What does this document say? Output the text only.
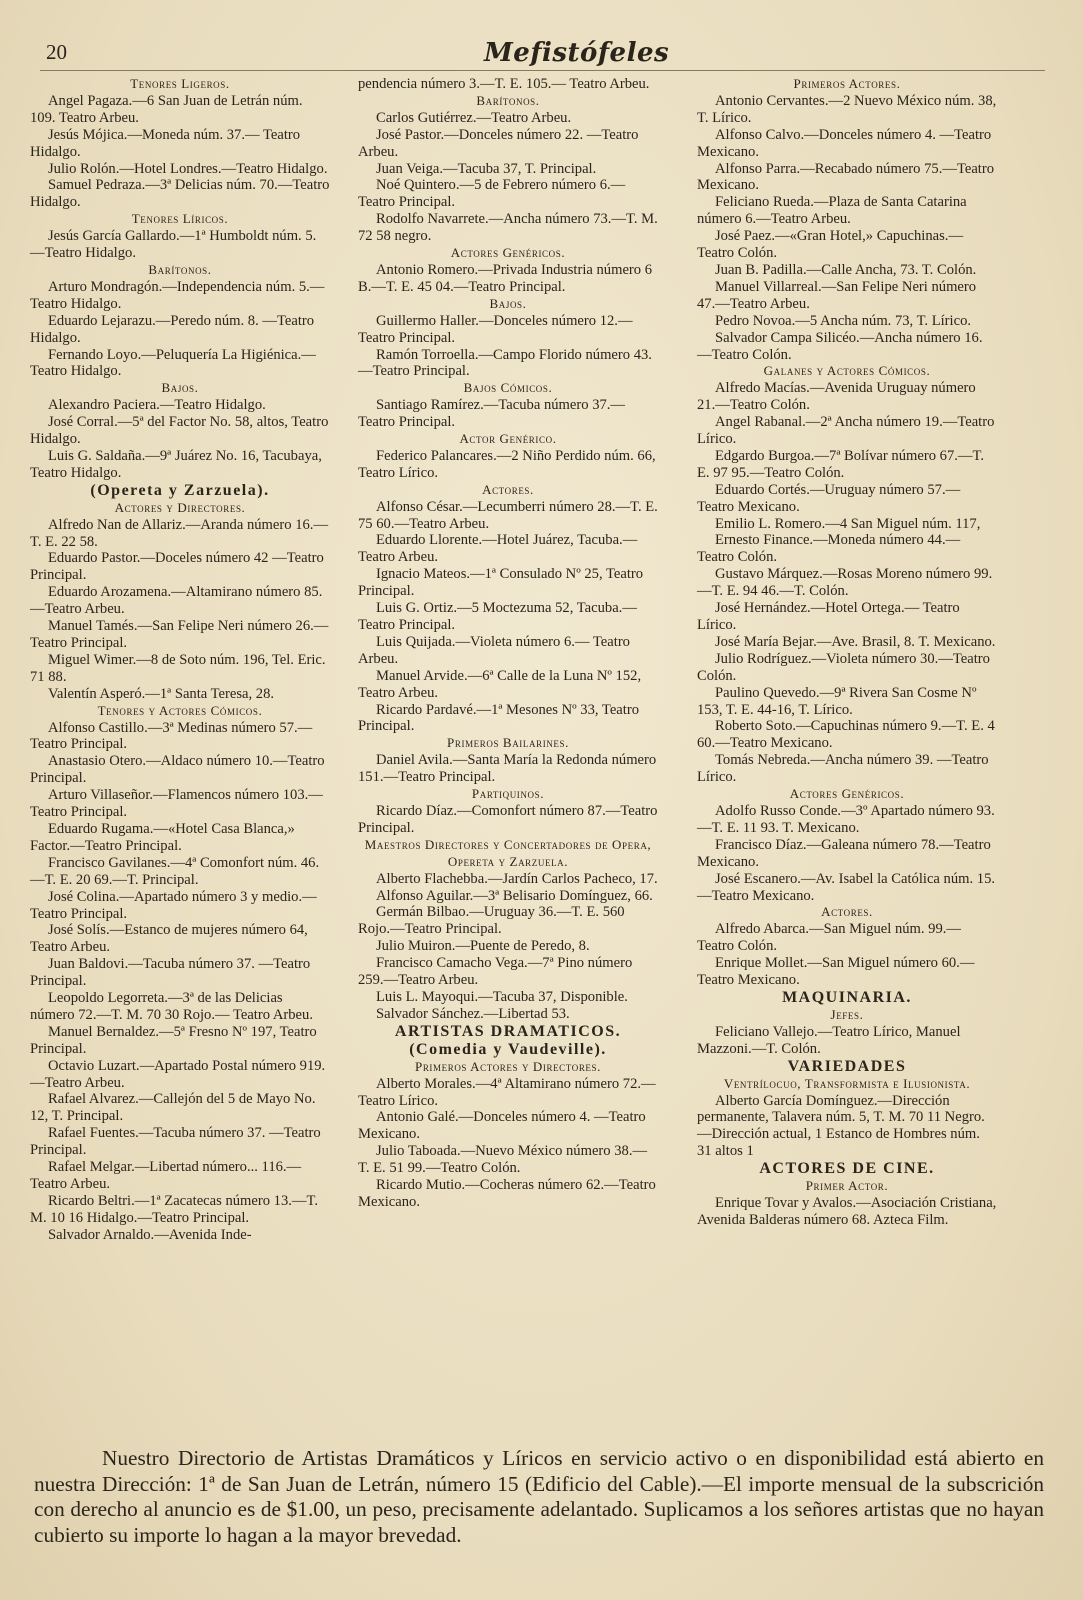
20	Mefistófeles
Tenores Ligeros.
Angel Pagaza.—6 San Juan de Letrán núm. 109. Teatro Arbeu.
Jesús Mójica.—Moneda núm. 37.— Teatro Hidalgo.
Julio Rolón.—Hotel Londres.—Teatro Hidalgo.
Samuel Pedraza.—3ª Delicias núm. 70.—Teatro Hidalgo.
Tenores Líricos.
Jesús García Gallardo.—1ª Humboldt núm. 5.—Teatro Hidalgo.
Barítonos.
Arturo Mondragón.—Independencia núm. 5.—Teatro Hidalgo.
Eduardo Lejarazu.—Peredo núm. 8. —Teatro Hidalgo.
Fernando Loyo.—Peluquería La Higiénica.—Teatro Hidalgo.
Bajos.
Alexandro Paciera.—Teatro Hidalgo.
José Corral.—5ª del Factor No. 58, altos, Teatro Hidalgo.
Luis G. Saldaña.—9ª Juárez No. 16, Tacubaya, Teatro Hidalgo.
(Opereta y Zarzuela).
Actores y Directores.
Alfredo Nan de Allariz.—Aranda número 16.—T. E. 22 58.
Eduardo Pastor.—Doceles número 42 —Teatro Principal.
Eduardo Arozamena.—Altamirano número 85.—Teatro Arbeu.
Manuel Tamés.—San Felipe Neri número 26.—Teatro Principal.
Miguel Wimer.—8 de Soto núm. 196, Tel. Eric. 71 88.
Valentín Asperó.—1ª Santa Teresa, 28.
Tenores y Actores Cómicos.
Alfonso Castillo.—3ª Medinas número 57.—Teatro Principal.
Anastasio Otero.—Aldaco número 10.—Teatro Principal.
Arturo Villaseñor.—Flamencos número 103.—Teatro Principal.
Eduardo Rugama.—«Hotel Casa Blanca,» Factor.—Teatro Principal.
Francisco Gavilanes.—4ª Comonfort núm. 46.—T. E. 20 69.—T. Principal.
José Colina.—Apartado número 3 y medio.—Teatro Principal.
José Solís.—Estanco de mujeres número 64, Teatro Arbeu.
Juan Baldovi.—Tacuba número 37. —Teatro Principal.
Leopoldo Legorreta.—3ª de las Delicias número 72.—T. M. 70 30 Rojo.— Teatro Arbeu.
Manuel Bernaldez.—5ª Fresno Nº 197, Teatro Principal.
Octavio Luzart.—Apartado Postal número 919.—Teatro Arbeu.
Rafael Alvarez.—Callejón del 5 de Mayo No. 12, T. Principal.
Rafael Fuentes.—Tacuba número 37. —Teatro Principal.
Rafael Melgar.—Libertad número... 116.—Teatro Arbeu.
Ricardo Beltri.—1ª Zacatecas número 13.—T. M. 10 16 Hidalgo.—Teatro Principal.
Salvador Arnaldo.—Avenida Inde-
pendencia número 3.—T. E. 105.— Teatro Arbeu.
Barítonos.
Carlos Gutiérrez.—Teatro Arbeu.
José Pastor.—Donceles número 22. —Teatro Arbeu.
Juan Veiga.—Tacuba 37, T. Principal.
Noé Quintero.—5 de Febrero número 6.—Teatro Principal.
Rodolfo Navarrete.—Ancha número 73.—T. M. 72 58 negro.
Actores Genéricos.
Antonio Romero.—Privada Industria número 6 B.—T. E. 45 04.—Teatro Principal.
Bajos.
Guillermo Haller.—Donceles número 12.—Teatro Principal.
Ramón Torroella.—Campo Florido número 43.—Teatro Principal.
Bajos Cómicos.
Santiago Ramírez.—Tacuba número 37.—Teatro Principal.
Actor Genérico.
Federico Palancares.—2 Niño Perdido núm. 66, Teatro Lírico.
Actores.
Alfonso César.—Lecumberri número 28.—T. E. 75 60.—Teatro Arbeu.
Eduardo Llorente.—Hotel Juárez, Tacuba.—Teatro Arbeu.
Ignacio Mateos.—1ª Consulado Nº 25, Teatro Principal.
Luis G. Ortiz.—5 Moctezuma 52, Tacuba.—Teatro Principal.
Luis Quijada.—Violeta número 6.— Teatro Arbeu.
Manuel Arvide.—6ª Calle de la Luna Nº 152, Teatro Arbeu.
Ricardo Pardavé.—1ª Mesones Nº 33, Teatro Principal.
Primeros Bailarines.
Daniel Avila.—Santa María la Redonda número 151.—Teatro Principal.
Partiquinos.
Ricardo Díaz.—Comonfort número 87.—Teatro Principal.
Maestros Directores y Concertadores de Opera, Opereta y Zarzuela.
Alberto Flachebba.—Jardín Carlos Pacheco, 17.
Alfonso Aguilar.—3ª Belisario Domínguez, 66.
Germán Bilbao.—Uruguay 36.—T. E. 560 Rojo.—Teatro Principal.
Julio Muiron.—Puente de Peredo, 8.
Francisco Camacho Vega.—7ª Pino número 259.—Teatro Arbeu.
Luis L. Mayoqui.—Tacuba 37, Disponible.
Salvador Sánchez.—Libertad 53.
ARTISTAS DRAMATICOS.
(Comedia y Vaudeville).
Primeros Actores y Directores.
Alberto Morales.—4ª Altamirano número 72.—Teatro Lírico.
Antonio Galé.—Donceles número 4. —Teatro Mexicano.
Julio Taboada.—Nuevo México número 38.—T. E. 51 99.—Teatro Colón.
Ricardo Mutio.—Cocheras número 62.—Teatro Mexicano.
Primeros Actores.
Antonio Cervantes.—2 Nuevo México núm. 38, T. Lírico.
Alfonso Calvo.—Donceles número 4. —Teatro Mexicano.
Alfonso Parra.—Recabado número 75.—Teatro Mexicano.
Feliciano Rueda.—Plaza de Santa Catarina número 6.—Teatro Arbeu.
José Paez.—«Gran Hotel,» Capuchinas.—Teatro Colón.
Juan B. Padilla.—Calle Ancha, 73. T. Colón.
Manuel Villarreal.—San Felipe Neri número 47.—Teatro Arbeu.
Pedro Novoa.—5 Ancha núm. 73, T. Lírico.
Salvador Campa Silicéo.—Ancha número 16.—Teatro Colón.
Galanes y Actores Cómicos.
Alfredo Macías.—Avenida Uruguay número 21.—Teatro Colón.
Angel Rabanal.—2ª Ancha número 19.—Teatro Lírico.
Edgardo Burgoa.—7ª Bolívar número 67.—T. E. 97 95.—Teatro Colón.
Eduardo Cortés.—Uruguay número 57.—Teatro Mexicano.
Emilio L. Romero.—4 San Miguel núm. 117,
Ernesto Finance.—Moneda número 44.—Teatro Colón.
Gustavo Márquez.—Rosas Moreno número 99.—T. E. 94 46.—T. Colón.
José Hernández.—Hotel Ortega.— Teatro Lírico.
José María Bejar.—Ave. Brasil, 8. T. Mexicano.
Julio Rodríguez.—Violeta número 30.—Teatro Colón.
Paulino Quevedo.—9ª Rivera San Cosme Nº 153, T. E. 44-16, T. Lírico.
Roberto Soto.—Capuchinas número 9.—T. E. 4 60.—Teatro Mexicano.
Tomás Nebreda.—Ancha número 39. —Teatro Lírico.
Actores Genéricos.
Adolfo Russo Conde.—3º Apartado número 93.—T. E. 11 93. T. Mexicano.
Francisco Díaz.—Galeana número 78.—Teatro Mexicano.
José Escanero.—Av. Isabel la Católica núm. 15.—Teatro Mexicano.
Actores.
Alfredo Abarca.—San Miguel núm. 99.—Teatro Colón.
Enrique Mollet.—San Miguel número 60.—Teatro Mexicano.
MAQUINARIA.
Jefes.
Feliciano Vallejo.—Teatro Lírico, Manuel Mazzoni.—T. Colón.
VARIEDADES
Ventrílocuo, Transformista e Ilusionista.
Alberto García Domínguez.—Dirección permanente, Talavera núm. 5, T. M. 70 11 Negro.—Dirección actual, 1 Estanco de Hombres núm. 31 altos 1
ACTORES DE CINE.
Primer Actor.
Enrique Tovar y Avalos.—Asociación Cristiana, Avenida Balderas número 68. Azteca Film.
Nuestro Directorio de Artistas Dramáticos y Líricos en servicio activo o en disponibilidad está abierto en nuestra Dirección: 1ª de San Juan de Letrán, número 15 (Edificio del Cable).—El importe mensual de la subscrición con derecho al anuncio es de $1.00, un peso, precisamente adelantado. Suplicamos a los señores artistas que no hayan cubierto su importe lo hagan a la mayor brevedad.
